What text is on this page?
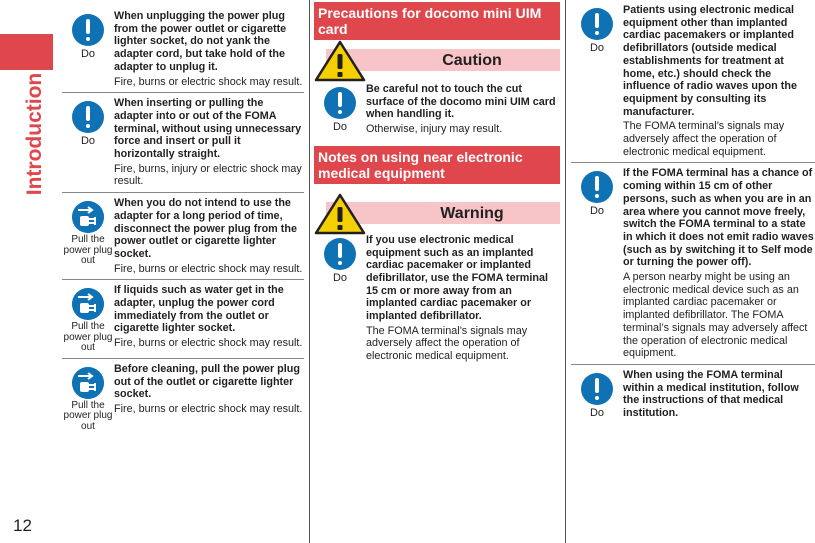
Introduction
12
Do
When unplugging the power plug from the power outlet or cigarette lighter socket, do not yank the adapter cord, but take hold of the adapter to unplug it.
Fire, burns or electric shock may result.
Do
When inserting or pulling the adapter into or out of the FOMA terminal, without using unnecessary force and insert or pull it horizontally straight.
Fire, burns, injury or electric shock may result.
Pull the power plug out
When you do not intend to use the adapter for a long period of time, disconnect the power plug from the power outlet or cigarette lighter socket.
Fire, burns or electric shock may result.
Pull the power plug out
If liquids such as water get in the adapter, unplug the power cord immediately from the outlet or cigarette lighter socket.
Fire, burns or electric shock may result.
Pull the power plug out
Before cleaning, pull the power plug out of the outlet or cigarette lighter socket.
Fire, burns or electric shock may result.
Precautions for docomo mini UIM card
Caution
Do
Be careful not to touch the cut surface of the docomo mini UIM card when handling it.
Otherwise, injury may result.
Notes on using near electronic medical equipment
Warning
Do
If you use electronic medical equipment such as an implanted cardiac pacemaker or implanted defibrillator, use the FOMA terminal 15 cm or more away from an implanted cardiac pacemaker or implanted defibrillator.
The FOMA terminal’s signals may adversely affect the operation of electronic medical equipment.
Do
Patients using electronic medical equipment other than implanted cardiac pacemakers or implanted defibrillators (outside medical establishments for treatment at home, etc.) should check the influence of radio waves upon the equipment by consulting its manufacturer.
The FOMA terminal’s signals may adversely affect the operation of electronic medical equipment.
Do
If the FOMA terminal has a chance of coming within 15 cm of other persons, such as when you are in an area where you cannot move freely, switch the FOMA terminal to a state in which it does not emit radio waves (such as by switching it to Self mode or turning the power off).
A person nearby might be using an electronic medical device such as an implanted cardiac pacemaker or implanted defibrillator. The FOMA terminal’s signals may adversely affect the operation of electronic medical equipment.
Do
When using the FOMA terminal within a medical institution, follow the instructions of that medical institution.
